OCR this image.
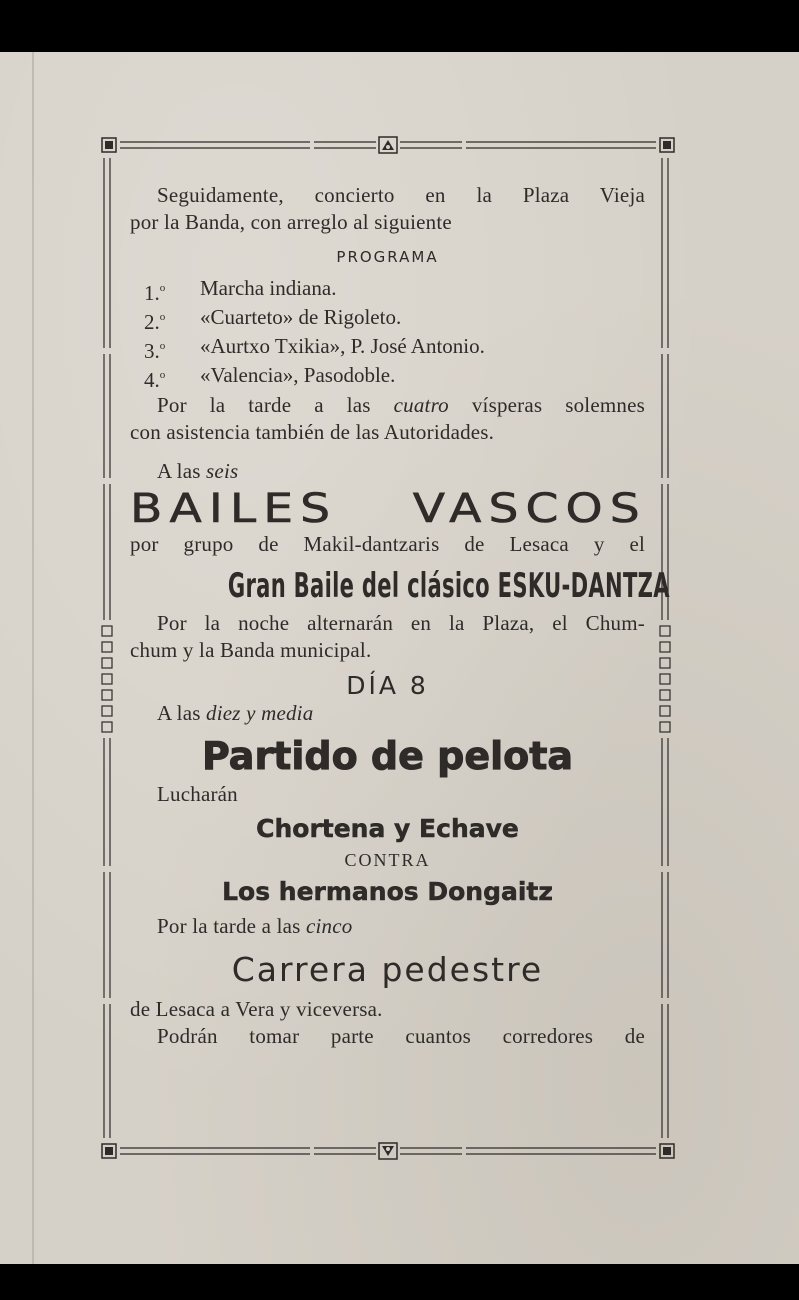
Seguidamente, concierto en la Plaza Vieja

por la Banda, con arreglo al siguiente

PROGRAMA
1.$^o$	Marcha indiana.
2.$^o$	«Cuarteto» de Rigoleto.
3.$^o$	«Aurtxo Txikia», P. José Antonio.
4.$^o$	«Valencia», Pasodoble.

Por la tarde a las cuatro vísperas solemnes

con asistencia también de las Autoridades.

A las seis

BAILES VASCOS

por grupo de Makil-dantzaris de Lesaca y el

Gran Baile del clásico ESKU-DANTZA

Por la noche alternarán en la Plaza, el Chum-

chum y la Banda municipal.

DÍA 8

A las diez y media

Partido de pelota

Lucharán

Chortena y Echave
CONTRA
Los hermanos Dongaitz

Por la tarde a las cinco

Carrera pedestre

de Lesaca a Vera y viceversa.

Podrán tomar parte cuantos corredores de
